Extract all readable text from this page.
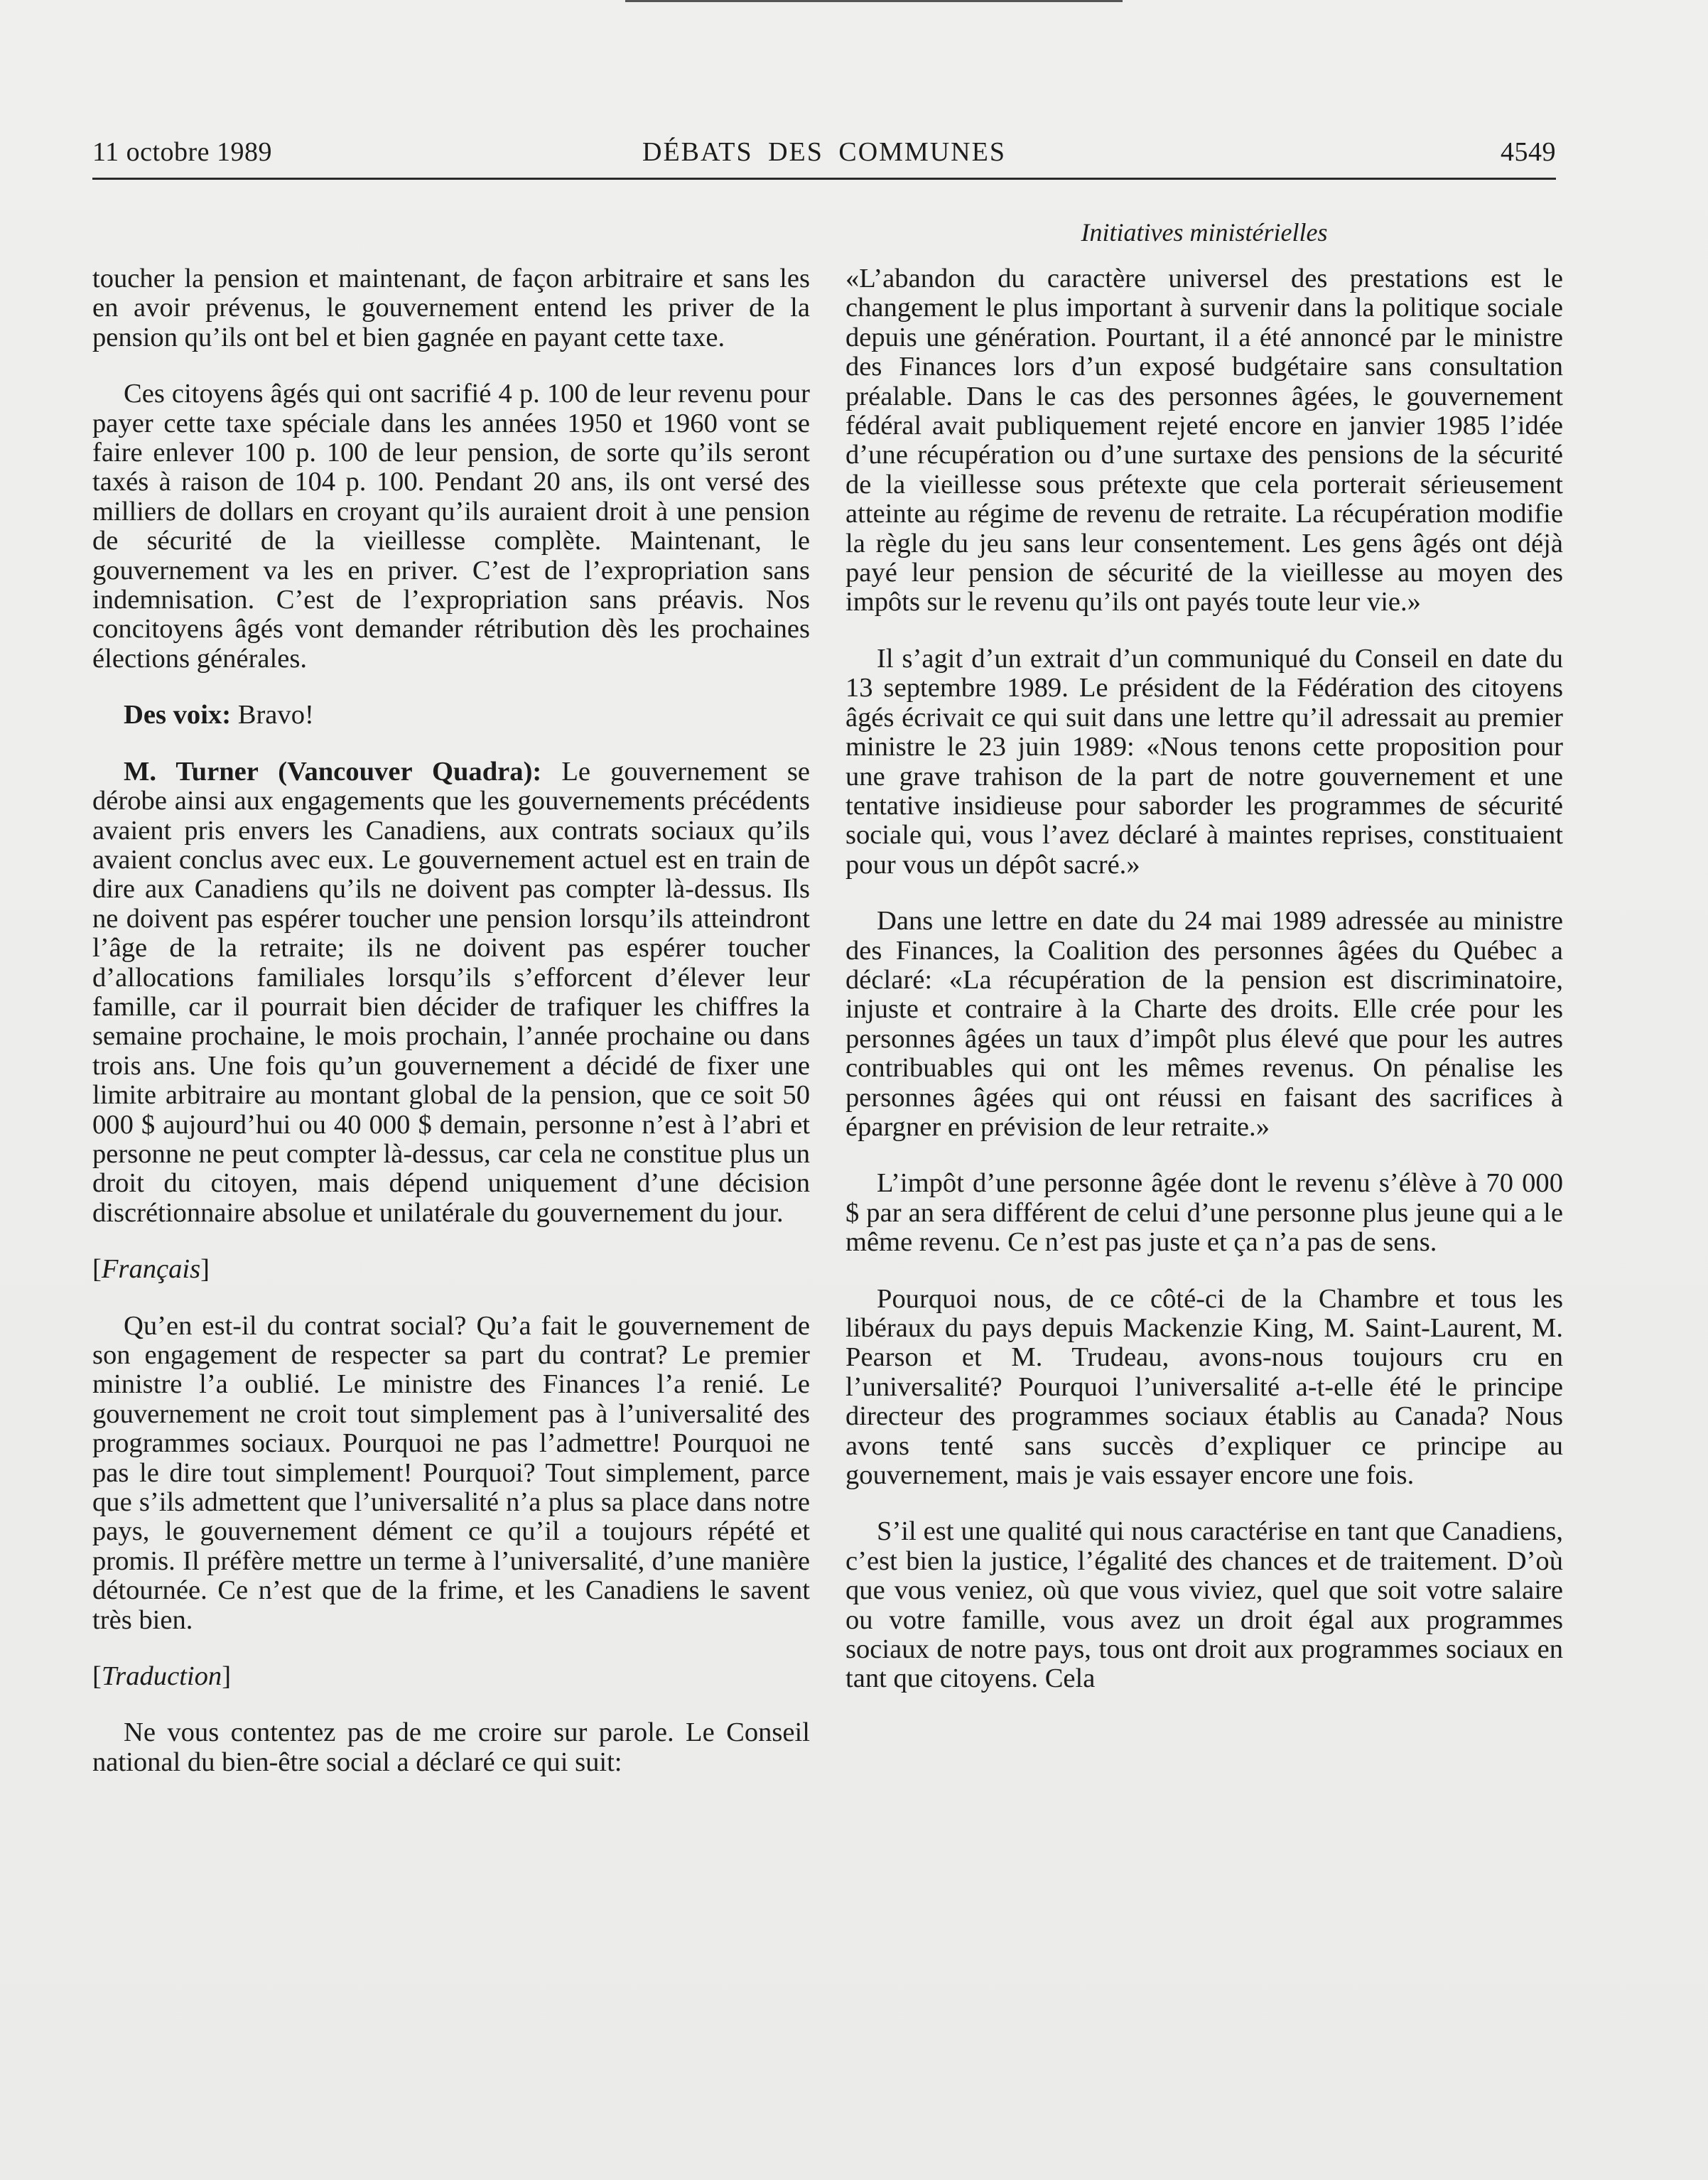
11 octobre 1989	DÉBATS DES COMMUNES	4549
Initiatives ministérielles

toucher la pension et maintenant, de façon arbitraire et sans les en avoir prévenus, le gouvernement entend les priver de la pension qu’ils ont bel et bien gagnée en payant cette taxe.

Ces citoyens âgés qui ont sacrifié 4 p. 100 de leur revenu pour payer cette taxe spéciale dans les années 1950 et 1960 vont se faire enlever 100 p. 100 de leur pension, de sorte qu’ils seront taxés à raison de 104 p. 100. Pendant 20 ans, ils ont versé des milliers de dollars en croyant qu’ils auraient droit à une pension de sécurité de la vieillesse complète. Maintenant, le gouvernement va les en priver. C’est de l’expropriation sans indemnisation. C’est de l’expropriation sans préavis. Nos concitoyens âgés vont demander rétribution dès les prochaines élections générales.

Des voix: Bravo!

M. Turner (Vancouver Quadra): Le gouvernement se dérobe ainsi aux engagements que les gouvernements précédents avaient pris envers les Canadiens, aux contrats sociaux qu’ils avaient conclus avec eux. Le gouvernement actuel est en train de dire aux Canadiens qu’ils ne doivent pas compter là-dessus. Ils ne doivent pas espérer toucher une pension lorsqu’ils atteindront l’âge de la retraite; ils ne doivent pas espérer toucher d’allocations familiales lorsqu’ils s’efforcent d’élever leur famille, car il pourrait bien décider de trafiquer les chiffres la semaine prochaine, le mois prochain, l’année prochaine ou dans trois ans. Une fois qu’un gouvernement a décidé de fixer une limite arbitraire au montant global de la pension, que ce soit 50 000 $ aujourd’hui ou 40 000 $ demain, personne n’est à l’abri et personne ne peut compter là-dessus, car cela ne constitue plus un droit du citoyen, mais dépend uniquement d’une décision discrétionnaire absolue et unilatérale du gouvernement du jour.

[Français]

Qu’en est-il du contrat social? Qu’a fait le gouvernement de son engagement de respecter sa part du contrat? Le premier ministre l’a oublié. Le ministre des Finances l’a renié. Le gouvernement ne croit tout simplement pas à l’universalité des programmes sociaux. Pourquoi ne pas l’admettre! Pourquoi ne pas le dire tout simplement! Pourquoi? Tout simplement, parce que s’ils admettent que l’universalité n’a plus sa place dans notre pays, le gouvernement dément ce qu’il a toujours répété et promis. Il préfère mettre un terme à l’universalité, d’une manière détournée. Ce n’est que de la frime, et les Canadiens le savent très bien.

[Traduction]

Ne vous contentez pas de me croire sur parole. Le Conseil national du bien-être social a déclaré ce qui suit:

«L’abandon du caractère universel des prestations est le changement le plus important à survenir dans la politique sociale depuis une génération. Pourtant, il a été annoncé par le ministre des Finances lors d’un exposé budgétaire sans consultation préalable. Dans le cas des personnes âgées, le gouvernement fédéral avait publiquement rejeté encore en janvier 1985 l’idée d’une récupération ou d’une surtaxe des pensions de la sécurité de la vieillesse sous prétexte que cela porterait sérieusement atteinte au régime de revenu de retraite. La récupération modifie la règle du jeu sans leur consentement. Les gens âgés ont déjà payé leur pension de sécurité de la vieillesse au moyen des impôts sur le revenu qu’ils ont payés toute leur vie.»

Il s’agit d’un extrait d’un communiqué du Conseil en date du 13 septembre 1989. Le président de la Fédération des citoyens âgés écrivait ce qui suit dans une lettre qu’il adressait au premier ministre le 23 juin 1989: «Nous tenons cette proposition pour une grave trahison de la part de notre gouvernement et une tentative insidieuse pour saborder les programmes de sécurité sociale qui, vous l’avez déclaré à maintes reprises, constituaient pour vous un dépôt sacré.»

Dans une lettre en date du 24 mai 1989 adressée au ministre des Finances, la Coalition des personnes âgées du Québec a déclaré: «La récupération de la pension est discriminatoire, injuste et contraire à la Charte des droits. Elle crée pour les personnes âgées un taux d’impôt plus élevé que pour les autres contribuables qui ont les mêmes revenus. On pénalise les personnes âgées qui ont réussi en faisant des sacrifices à épargner en prévision de leur retraite.»

L’impôt d’une personne âgée dont le revenu s’élève à 70 000 $ par an sera différent de celui d’une personne plus jeune qui a le même revenu. Ce n’est pas juste et ça n’a pas de sens.

Pourquoi nous, de ce côté-ci de la Chambre et tous les libéraux du pays depuis Mackenzie King, M. Saint-Laurent, M. Pearson et M. Trudeau, avons-nous toujours cru en l’universalité? Pourquoi l’universalité a-t-elle été le principe directeur des programmes sociaux établis au Canada? Nous avons tenté sans succès d’expliquer ce principe au gouvernement, mais je vais essayer encore une fois.

S’il est une qualité qui nous caractérise en tant que Canadiens, c’est bien la justice, l’égalité des chances et de traitement. D’où que vous veniez, où que vous viviez, quel que soit votre salaire ou votre famille, vous avez un droit égal aux programmes sociaux de notre pays, tous ont droit aux programmes sociaux en tant que citoyens. Cela
